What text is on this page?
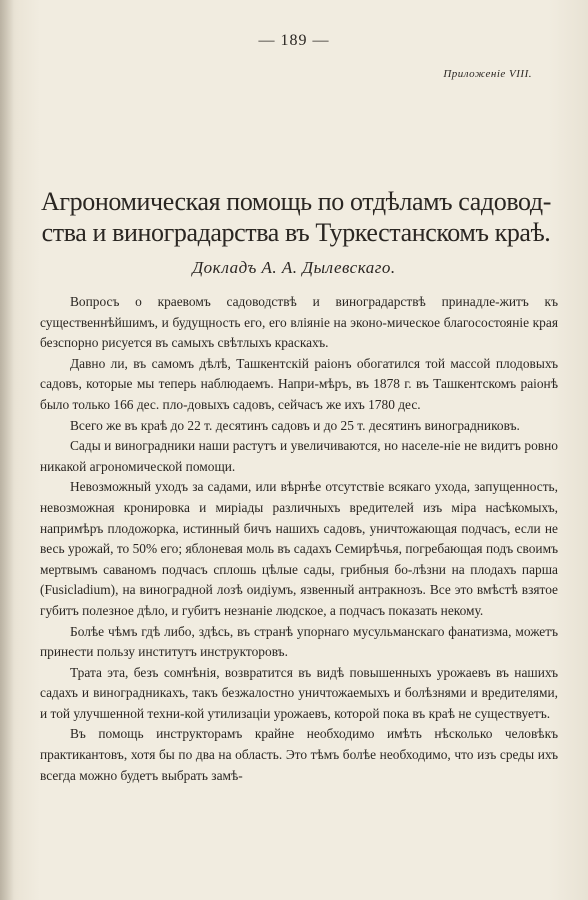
— 189 —
Приложеніе VIII.
Агрономическая помощь по отдѣламъ садовод-
ства и виноградарства въ Туркестанскомъ краѣ.
Докладъ А. А. Дылевскаго.

Вопросъ о краевомъ садоводствѣ и виноградарствѣ принадле-житъ къ существеннѣйшимъ, и будущность его, его вліяніе на эконо-мическое благосостояніе края безспорно рисуется въ самыхъ свѣтлыхъ краскахъ.

Давно ли, въ самомъ дѣлѣ, Ташкентскій раіонъ обогатился той массой плодовыхъ садовъ, которые мы теперь наблюдаемъ. Напри-мѣръ, въ 1878 г. въ Ташкентскомъ раіонѣ было только 166 дес. пло-довыхъ садовъ, сейчасъ же ихъ 1780 дес.

Всего же въ краѣ до 22 т. десятинъ садовъ и до 25 т. десятинъ виноградниковъ.

Сады и виноградники наши растутъ и увеличиваются, но населе-ніе не видитъ ровно никакой агрономической помощи.

Невозможный уходъ за садами, или вѣрнѣе отсутствіе всякаго ухода, запущенность, невозможная кронировка и миріады различныхъ вредителей изъ міра насѣкомыхъ, напримѣръ плодожорка, истинный бичъ нашихъ садовъ, уничтожающая подчасъ, если не весь урожай, то 50% его; яблоневая моль въ садахъ Семирѣчья, погребающая подъ своимъ мертвымъ саваномъ подчасъ сплошь цѣлые сады, грибныя бо-лѣзни на плодахъ паршa (Fusicladium), на виноградной лозѣ оидіумъ, язвенный антракнозъ. Все это вмѣстѣ взятое губитъ полезное дѣло, и губитъ незнаніе людское, а подчасъ показать некому.

Болѣе чѣмъ гдѣ либо, здѣсь, въ странѣ упорнаго мусульманскаго фанатизма, можетъ принести пользу институтъ инструкторовъ.

Трата эта, безъ сомнѣнія, возвратится въ видѣ повышенныхъ урожаевъ въ нашихъ садахъ и виноградникахъ, такъ безжалостно уничтожаемыхъ и болѣзнями и вредителями, и той улучшенной техни-кой утилизаціи урожаевъ, которой пока въ краѣ не существуетъ.

Въ помощь инструкторамъ крайне необходимо имѣть нѣсколько человѣкъ практикантовъ, хотя бы по два на область. Это тѣмъ болѣе необходимо, что изъ среды ихъ всегда можно будетъ выбрать замѣ-
